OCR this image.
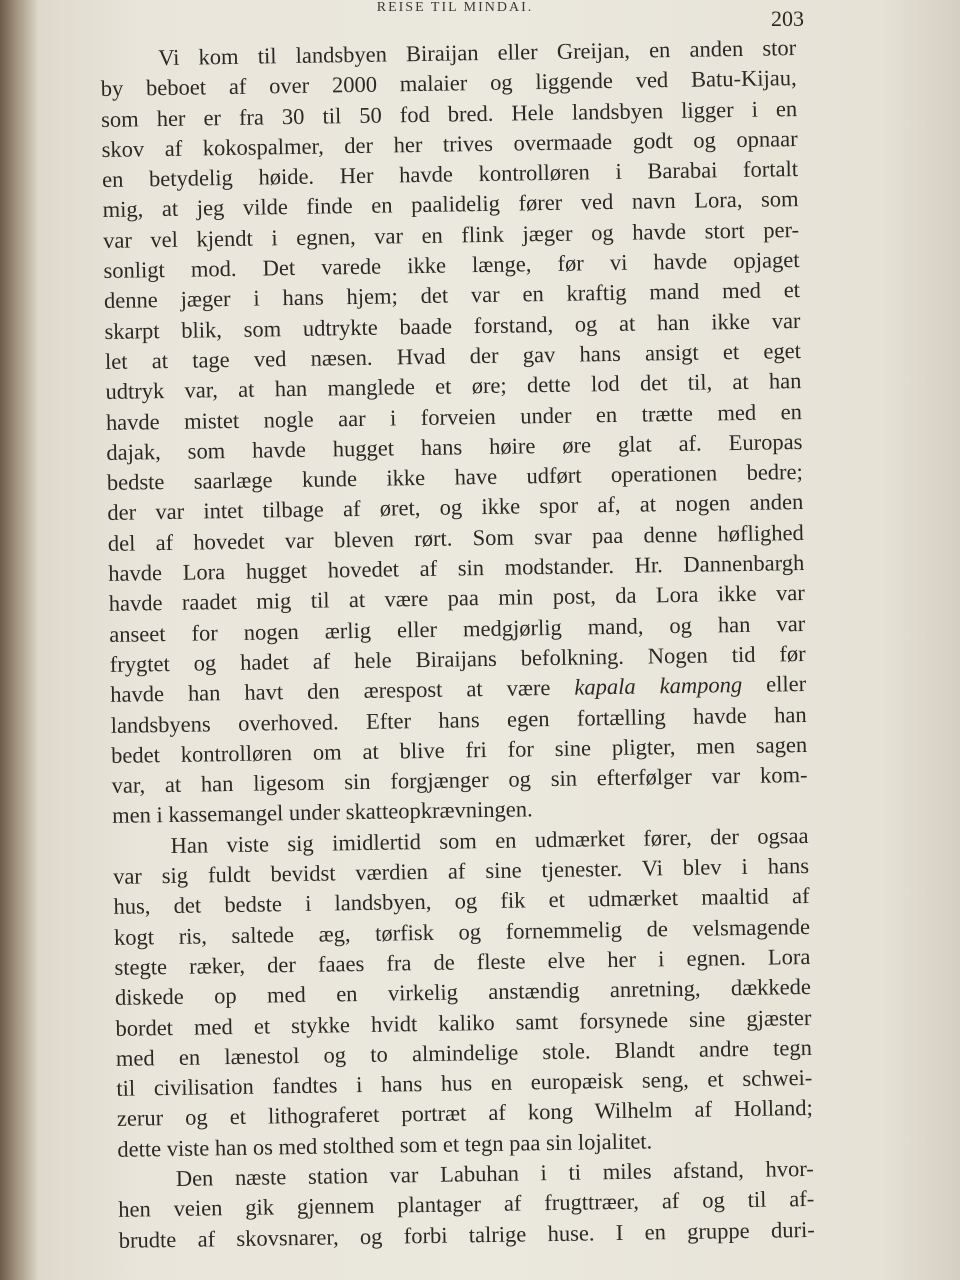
REISE TIL MINDAI.	203
Vi kom til landsbyen Biraijan eller Greijan, en anden stor
by beboet af over 2000 malaier og liggende ved Batu-Kijau,
som her er fra 30 til 50 fod bred. Hele landsbyen ligger i en
skov af kokospalmer, der her trives overmaade godt og opnaar
en betydelig høide. Her havde kontrolløren i Barabai fortalt
mig, at jeg vilde finde en paalidelig fører ved navn Lora, som
var vel kjendt i egnen, var en flink jæger og havde stort per-
sonligt mod. Det varede ikke længe, før vi havde opjaget
denne jæger i hans hjem; det var en kraftig mand med et
skarpt blik, som udtrykte baade forstand, og at han ikke var
let at tage ved næsen. Hvad der gav hans ansigt et eget
udtryk var, at han manglede et øre; dette lod det til, at han
havde mistet nogle aar i forveien under en trætte med en
dajak, som havde hugget hans høire øre glat af. Europas
bedste saarlæge kunde ikke have udført operationen bedre;
der var intet tilbage af øret, og ikke spor af, at nogen anden
del af hovedet var bleven rørt. Som svar paa denne høflighed
havde Lora hugget hovedet af sin modstander. Hr. Dannenbargh
havde raadet mig til at være paa min post, da Lora ikke var
anseet for nogen ærlig eller medgjørlig mand, og han var
frygtet og hadet af hele Biraijans befolkning. Nogen tid før
havde han havt den ærespost at være kapala kampong eller
landsbyens overhoved. Efter hans egen fortælling havde han
bedet kontrolløren om at blive fri for sine pligter, men sagen
var, at han ligesom sin forgjænger og sin efterfølger var kom-
men i kassemangel under skatteopkrævningen.
Han viste sig imidlertid som en udmærket fører, der ogsaa
var sig fuldt bevidst værdien af sine tjenester. Vi blev i hans
hus, det bedste i landsbyen, og fik et udmærket maaltid af
kogt ris, saltede æg, tørfisk og fornemmelig de velsmagende
stegte ræker, der faaes fra de fleste elve her i egnen. Lora
diskede op med en virkelig anstændig anretning, dækkede
bordet med et stykke hvidt kaliko samt forsynede sine gjæster
med en lænestol og to almindelige stole. Blandt andre tegn
til civilisation fandtes i hans hus en europæisk seng, et schwei-
zerur og et lithograferet portræt af kong Wilhelm af Holland;
dette viste han os med stolthed som et tegn paa sin lojalitet.
Den næste station var Labuhan i ti miles afstand, hvor-
hen veien gik gjennem plantager af frugttræer, af og til af-
brudte af skovsnarer, og forbi talrige huse. I en gruppe duri-
